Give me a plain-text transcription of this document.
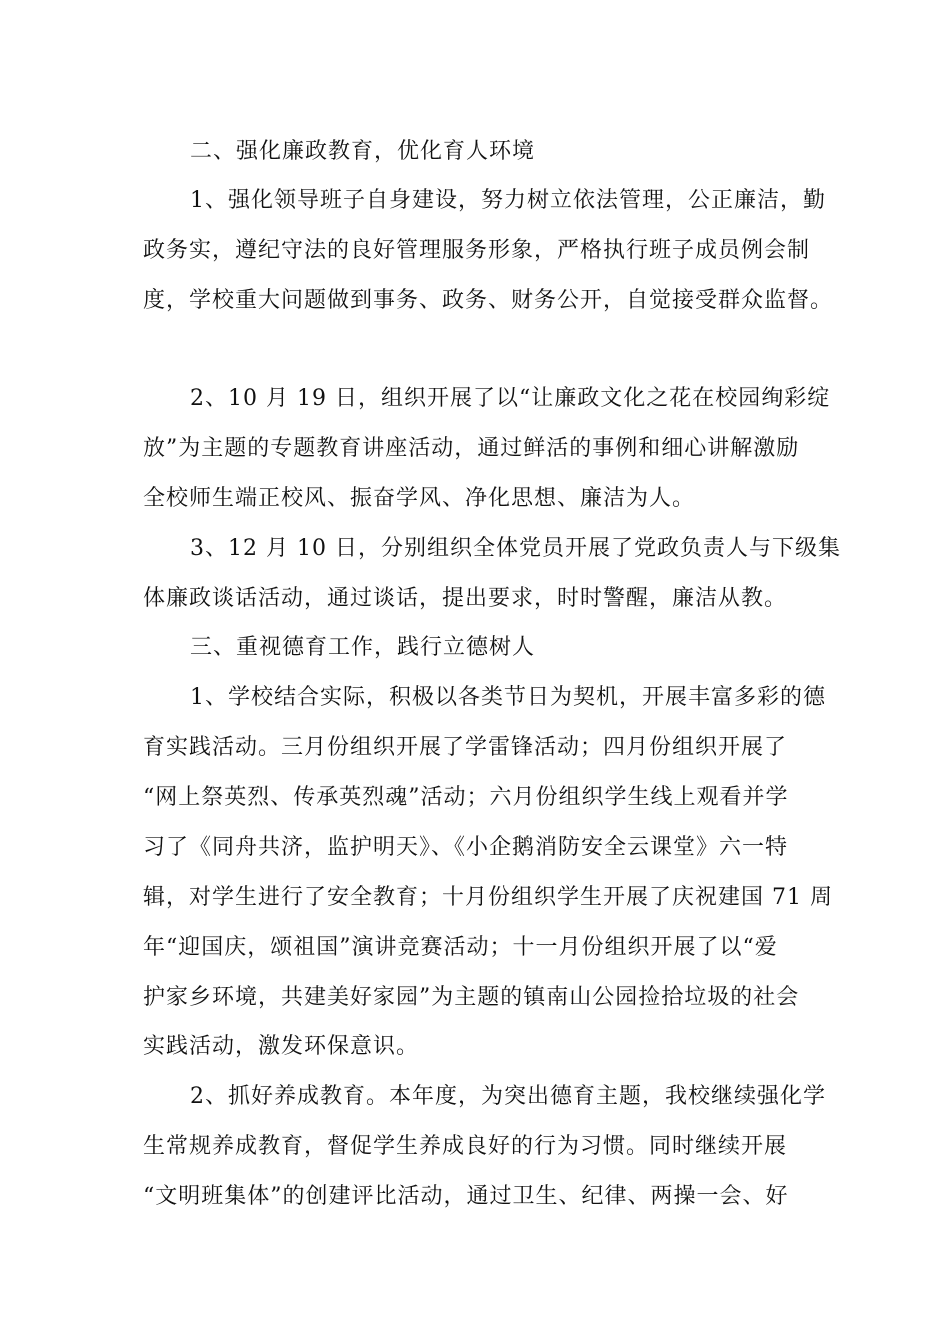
二、强化廉政教育，优化育人环境
1、强化领导班子自身建设，努力树立依法管理，公正廉洁，勤
政务实，遵纪守法的良好管理服务形象，严格执行班子成员例会制
度，学校重大问题做到事务、政务、财务公开，自觉接受群众监督。
2、10 月 19 日，组织开展了以“让廉政文化之花在校园绚彩绽
放”为主题的专题教育讲座活动，通过鲜活的事例和细心讲解激励
全校师生端正校风、振奋学风、净化思想、廉洁为人。
3、12 月 10 日，分别组织全体党员开展了党政负责人与下级集
体廉政谈话活动，通过谈话，提出要求，时时警醒，廉洁从教。
三、重视德育工作，践行立德树人
1、学校结合实际，积极以各类节日为契机，开展丰富多彩的德
育实践活动。三月份组织开展了学雷锋活动；四月份组织开展了
“网上祭英烈、传承英烈魂”活动；六月份组织学生线上观看并学
习了《同舟共济，监护明天》、《小企鹅消防安全云课堂》六一特
辑，对学生进行了安全教育；十月份组织学生开展了庆祝建国 71 周
年“迎国庆，颂祖国”演讲竞赛活动；十一月份组织开展了以“爱
护家乡环境，共建美好家园”为主题的镇南山公园捡拾垃圾的社会
实践活动，激发环保意识。
2、抓好养成教育。本年度，为突出德育主题，我校继续强化学
生常规养成教育，督促学生养成良好的行为习惯。同时继续开展
“文明班集体”的创建评比活动，通过卫生、纪律、两操一会、好
